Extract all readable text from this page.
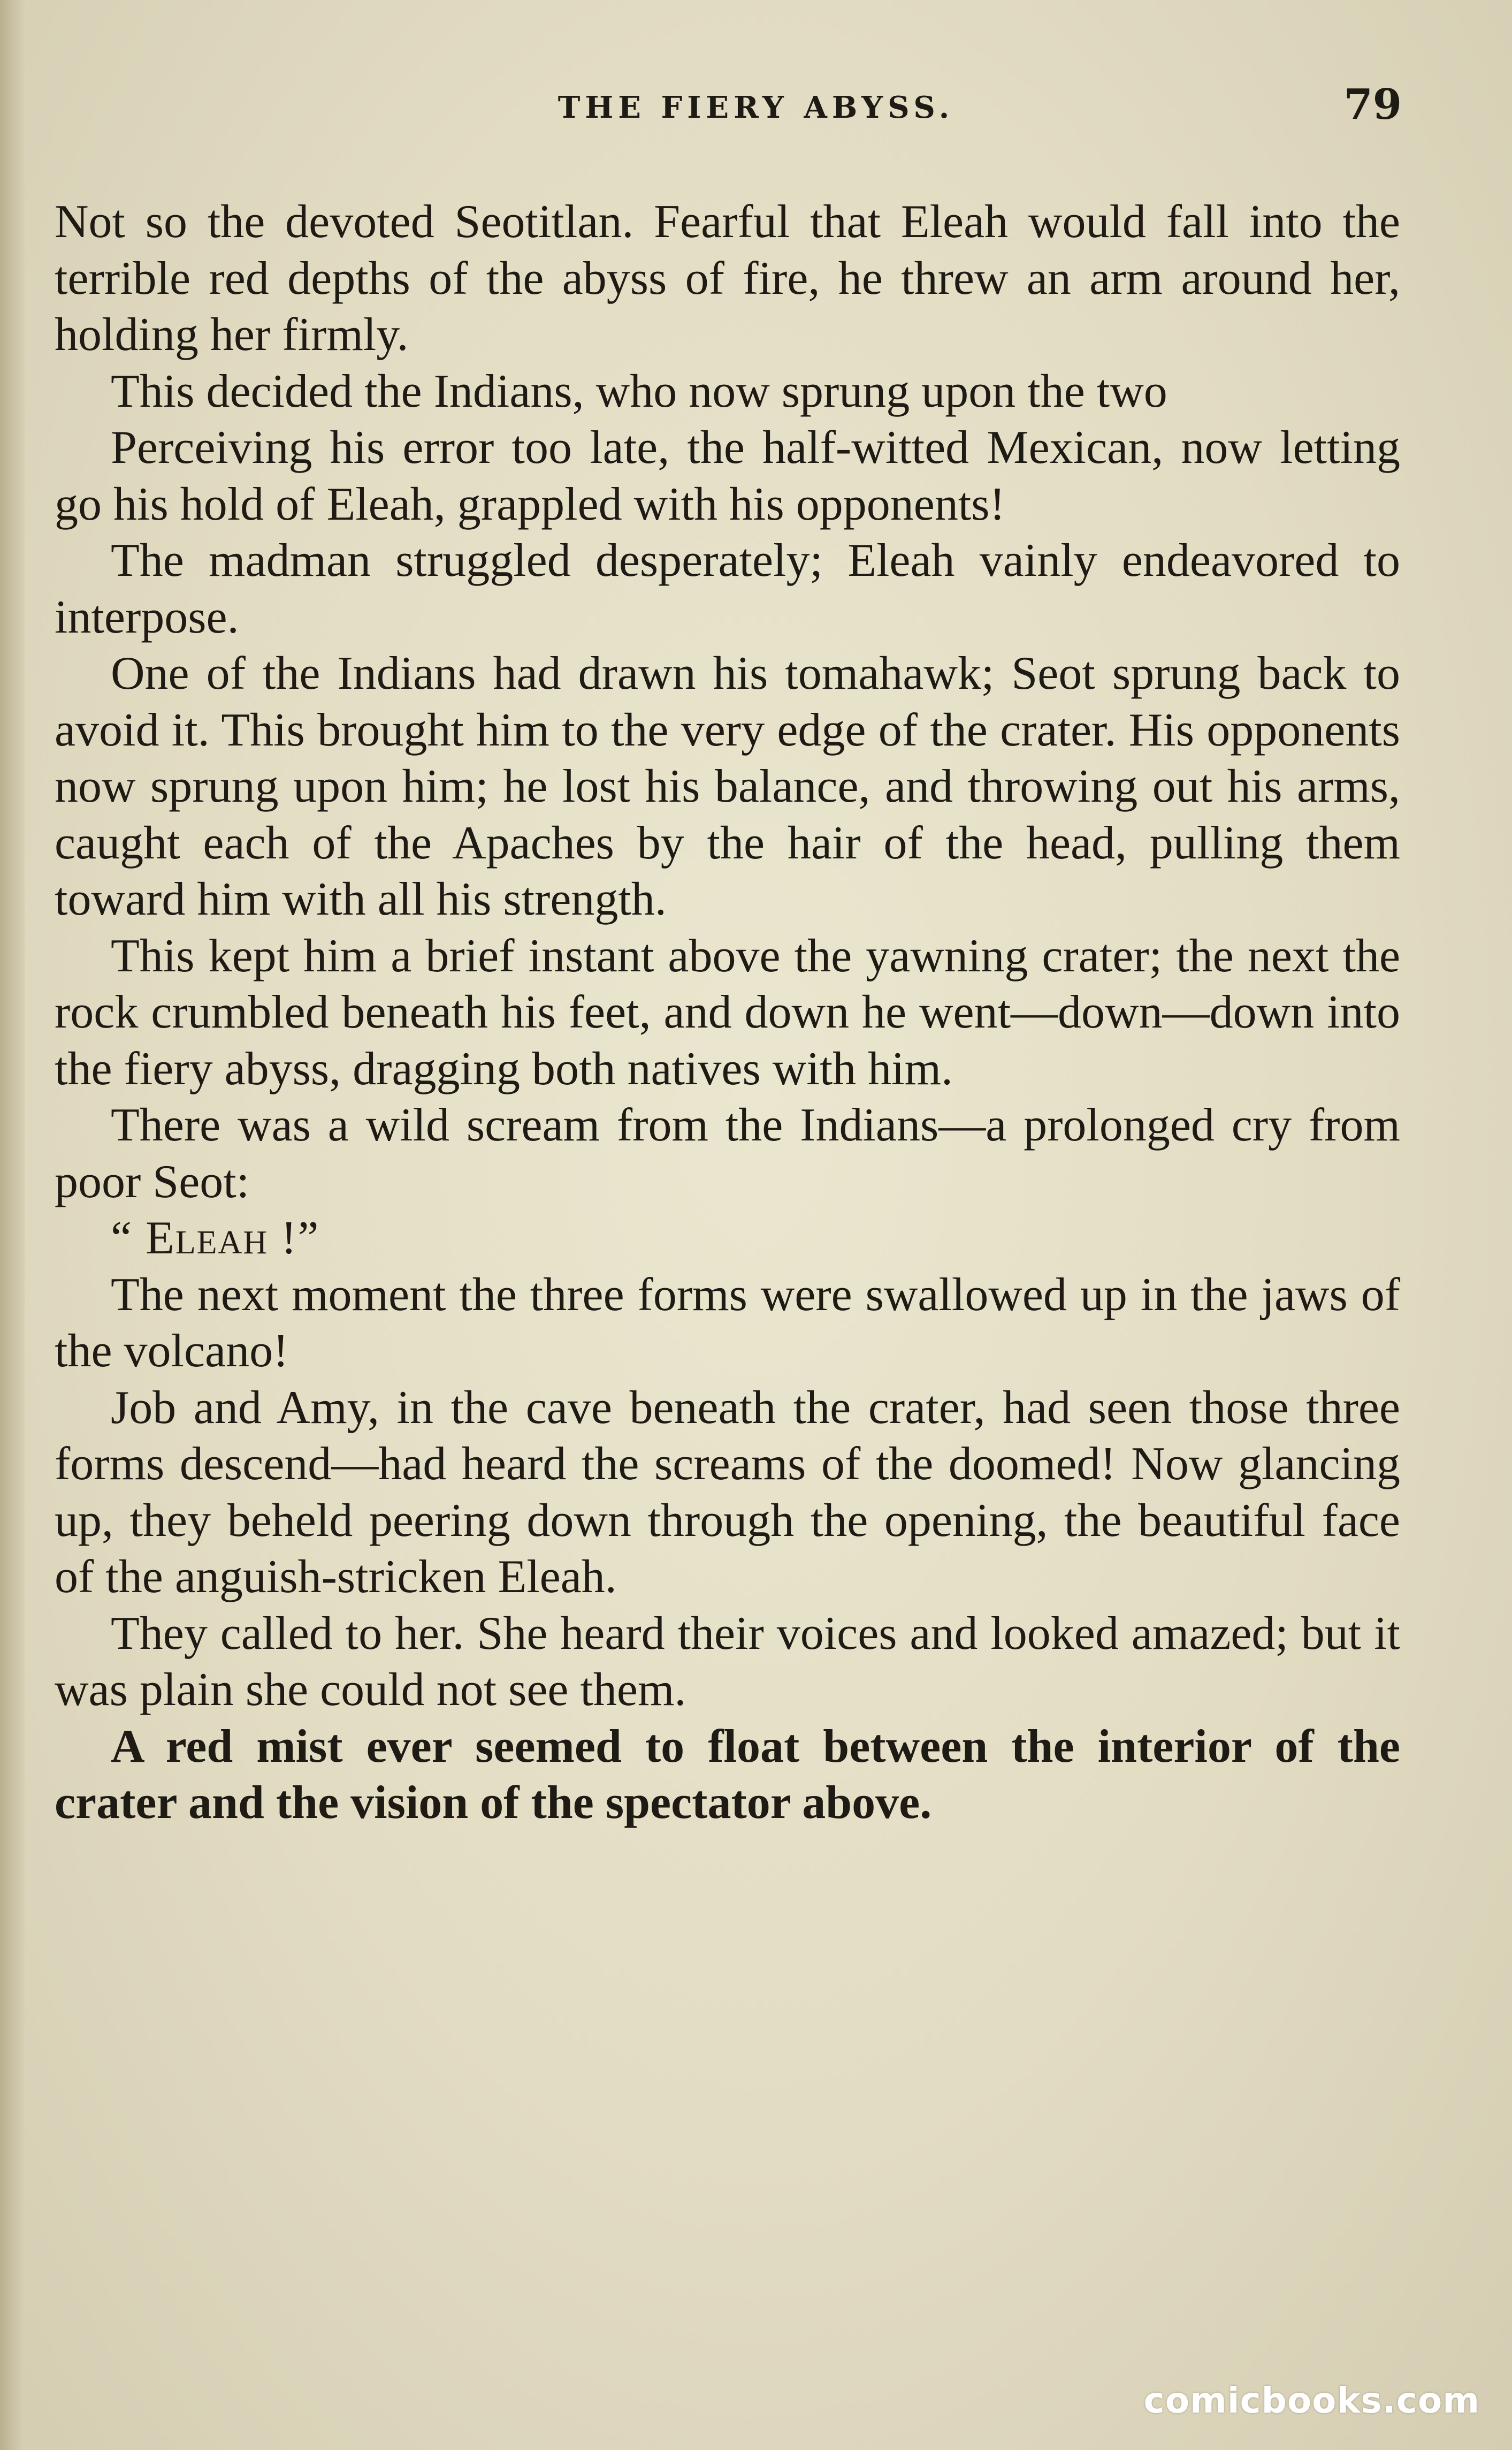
THE FIERY ABYSS.	79

Not so the devoted Seotitlan. Fearful that Eleah would fall into the terrible red depths of the abyss of fire, he threw an arm around her, holding her firmly.

This decided the Indians, who now sprung upon the two

Perceiving his error too late, the half-witted Mexican, now letting go his hold of Eleah, grappled with his opponents!

The madman struggled desperately; Eleah vainly endeavored to interpose.

One of the Indians had drawn his tomahawk; Seot sprung back to avoid it. This brought him to the very edge of the crater. His opponents now sprung upon him; he lost his balance, and throwing out his arms, caught each of the Apaches by the hair of the head, pulling them toward him with all his strength.

This kept him a brief instant above the yawning crater; the next the rock crumbled beneath his feet, and down he went—down—down into the fiery abyss, dragging both natives with him.

There was a wild scream from the Indians—a prolonged cry from poor Seot:

“ Eleah !”

The next moment the three forms were swallowed up in the jaws of the volcano!

Job and Amy, in the cave beneath the crater, had seen those three forms descend—had heard the screams of the doomed! Now glancing up, they beheld peering down through the opening, the beautiful face of the anguish-stricken Eleah.

They called to her. She heard their voices and looked amazed; but it was plain she could not see them.

A red mist ever seemed to float between the interior of the crater and the vision of the spectator above.

comicbooks.com
